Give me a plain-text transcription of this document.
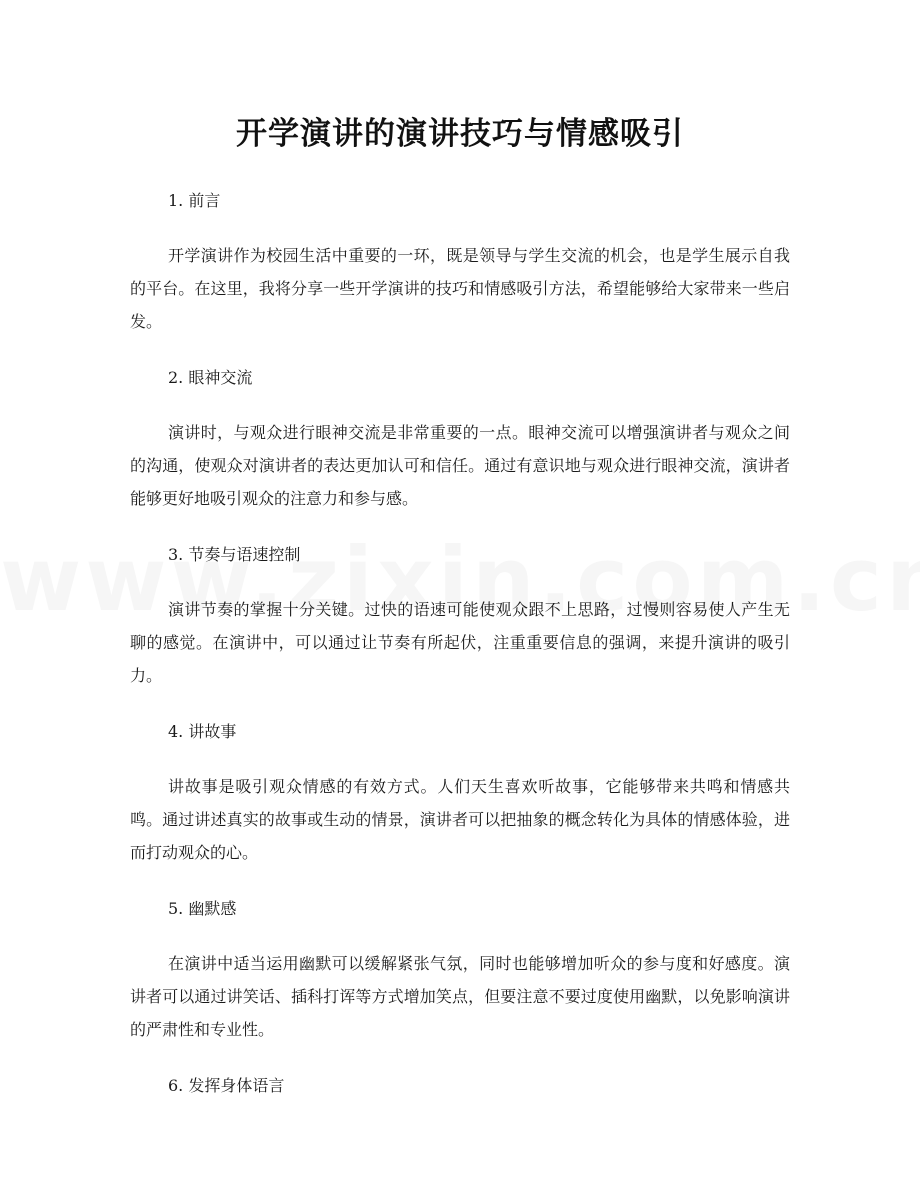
开学演讲的演讲技巧与情感吸引
1. 前言

开学演讲作为校园生活中重要的一环，既是领导与学生交流的机会，也是学生展示自我的平台。在这里，我将分享一些开学演讲的技巧和情感吸引方法，希望能够给大家带来一些启发。

2. 眼神交流

演讲时，与观众进行眼神交流是非常重要的一点。眼神交流可以增强演讲者与观众之间的沟通，使观众对演讲者的表达更加认可和信任。通过有意识地与观众进行眼神交流，演讲者能够更好地吸引观众的注意力和参与感。

3. 节奏与语速控制

演讲节奏的掌握十分关键。过快的语速可能使观众跟不上思路，过慢则容易使人产生无聊的感觉。在演讲中，可以通过让节奏有所起伏，注重重要信息的强调，来提升演讲的吸引力。

4. 讲故事

讲故事是吸引观众情感的有效方式。人们天生喜欢听故事，它能够带来共鸣和情感共鸣。通过讲述真实的故事或生动的情景，演讲者可以把抽象的概念转化为具体的情感体验，进而打动观众的心。

5. 幽默感

在演讲中适当运用幽默可以缓解紧张气氛，同时也能够增加听众的参与度和好感度。演讲者可以通过讲笑话、插科打诨等方式增加笑点，但要注意不要过度使用幽默，以免影响演讲的严肃性和专业性。

6. 发挥身体语言
